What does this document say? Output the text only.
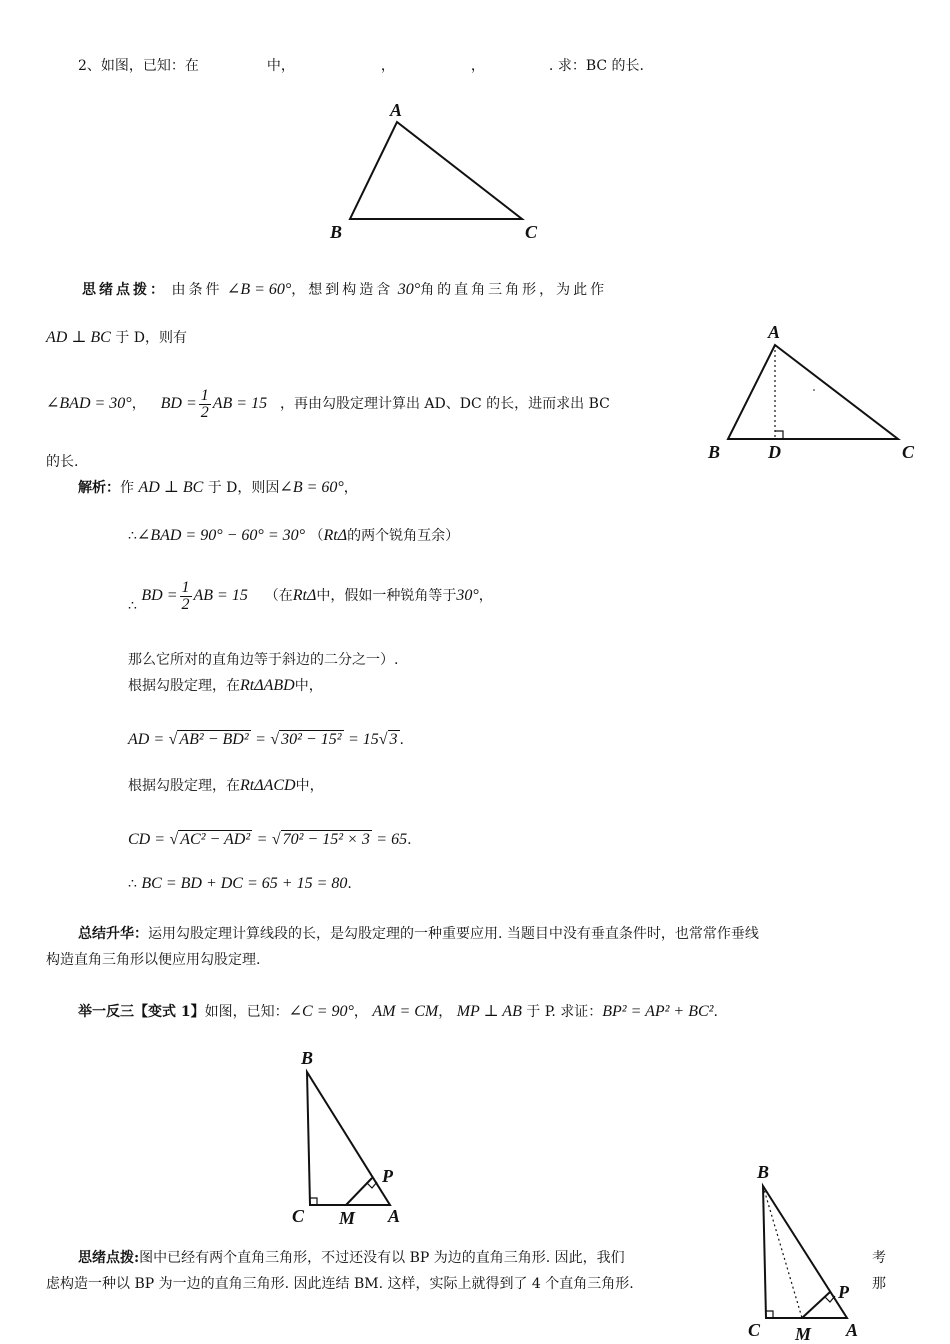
2、如图，已知：在	中，	，	，	. 求：BC 的长.
A
B	C
思绪点拨： 由条件 ∠B = 60°，想到构造含 30°角的直角三角形，为此作
AD ⊥ BC 于 D，则有
∠BAD = 30°， BD = $\frac{1}{2}$ AB = 15 ，再由勾股定理计算出 AD、DC 的长，进而求出 BC
的长.
A
B	D	C
解析：作 AD ⊥ BC 于 D，则因∠B = 60°，
∴∠BAD = 90° − 60° = 30° （RtΔ的两个锐角互余）
∴ BD = $\frac{1}{2}$ AB = 15 （在RtΔ中，假如一种锐角等于30°，
那么它所对的直角边等于斜边的二分之一）.
根据勾股定理，在RtΔABD中，
AD = √ AB² − BD² = √ 30² − 15² = 15√ 3 .
根据勾股定理，在RtΔACD中，
CD = √ AC² − AD² = √ 70² − 15² × 3 = 65.
∴ BC = BD + DC = 65 + 15 = 80.
总结升华：运用勾股定理计算线段的长，是勾股定理的一种重要应用. 当题目中没有垂直条件时，也常常作垂线
构造直角三角形以便应用勾股定理.
举一反三【变式 1】如图，已知：∠C = 90°， AM = CM， MP ⊥ AB 于 P. 求证：BP² = AP² + BC².
B
P
C M A
思绪点拨:图中已经有两个直角三角形，不过还没有以 BP 为边的直角三角形. 因此，我们	考
虑构造一种以 BP 为一边的直角三角形. 因此连结 BM. 这样，实际上就得到了 4 个直角三角形.	那
B
P
C M A
